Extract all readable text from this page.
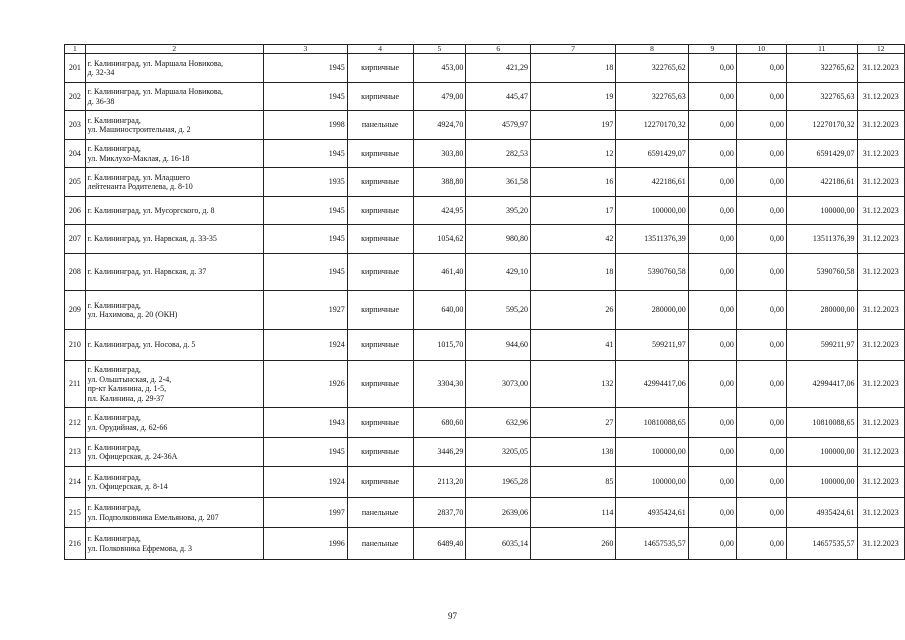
1	2	3	4	5	6	7	8	9	10	11	12
201	г. Калининград, ул. Маршала Новикова,
д. 32-34	1945	кирпичные	453,00	421,29	18	322765,62	0,00	0,00	322765,62	31.12.2023
202	г. Калининград, ул. Маршала Новикова,
д. 36-38	1945	кирпичные	479,00	445,47	19	322765,63	0,00	0,00	322765,63	31.12.2023
203	г. Калининград,
ул. Машиностроительная, д. 2	1998	панельные	4924,70	4579,97	197	12270170,32	0,00	0,00	12270170,32	31.12.2023
204	г. Калининград,
ул. Миклухо-Маклая, д. 16-18	1945	кирпичные	303,80	282,53	12	6591429,07	0,00	0,00	6591429,07	31.12.2023
205	г. Калининград, ул. Младшего
лейтенанта Родителева, д. 8-10	1935	кирпичные	388,80	361,58	16	422186,61	0,00	0,00	422186,61	31.12.2023
206	г. Калининград, ул. Мусоргского, д. 8	1945	кирпичные	424,95	395,20	17	100000,00	0,00	0,00	100000,00	31.12.2023
207	г. Калининград, ул. Нарвская, д. 33-35	1945	кирпичные	1054,62	980,80	42	13511376,39	0,00	0,00	13511376,39	31.12.2023
208	г. Калининград, ул. Нарвская, д. 37	1945	кирпичные	461,40	429,10	18	5390760,58	0,00	0,00	5390760,58	31.12.2023
209	г. Калининград,
ул. Нахимова, д. 20 (ОКН)	1927	кирпичные	640,00	595,20	26	280000,00	0,00	0,00	280000,00	31.12.2023
210	г. Калининград, ул. Носова, д. 5	1924	кирпичные	1015,70	944,60	41	599211,97	0,00	0,00	599211,97	31.12.2023
211	г. Калининград,
ул. Ольштынская, д. 2-4,
пр-кт Калинина, д. 1-5,
пл. Калинина, д. 29-37	1926	кирпичные	3304,30	3073,00	132	42994417,06	0,00	0,00	42994417,06	31.12.2023
212	г. Калининград,
ул. Орудийная, д. 62-66	1943	кирпичные	680,60	632,96	27	10810088,65	0,00	0,00	10810088,65	31.12.2023
213	г. Калининград,
ул. Офицерская, д. 24-36А	1945	кирпичные	3446,29	3205,05	138	100000,00	0,00	0,00	100000,00	31.12.2023
214	г. Калининград,
ул. Офицерская, д. 8-14	1924	кирпичные	2113,20	1965,28	85	100000,00	0,00	0,00	100000,00	31.12.2023
215	г. Калининград,
ул. Подполковника Емельянова, д. 207	1997	панельные	2837,70	2639,06	114	4935424,61	0,00	0,00	4935424,61	31.12.2023
216	г. Калининград,
ул. Полковника Ефремова, д. 3	1996	панельные	6489,40	6035,14	260	14657535,57	0,00	0,00	14657535,57	31.12.2023
97
